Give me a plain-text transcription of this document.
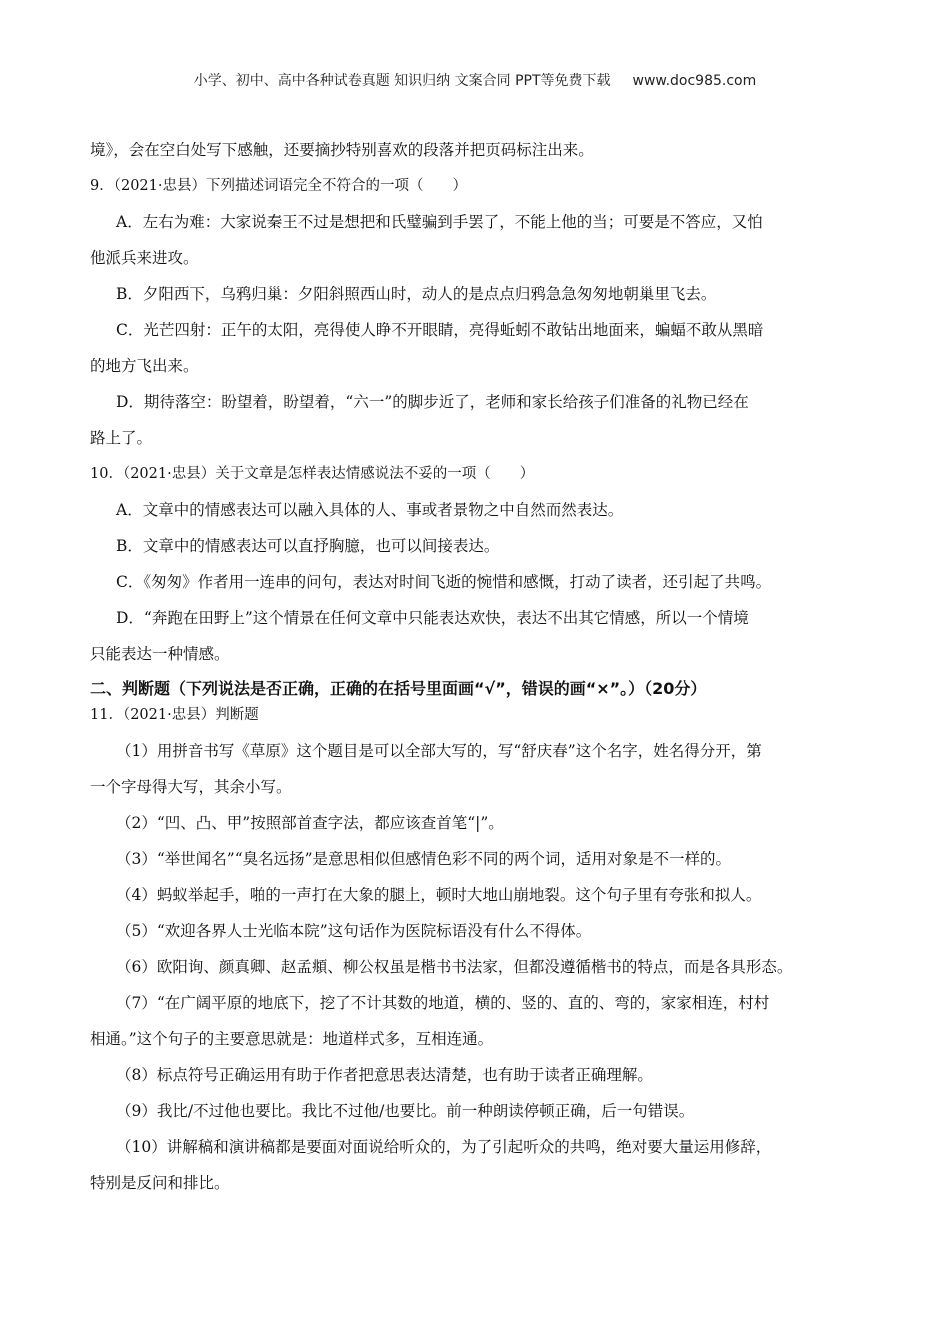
小学、初中、高中各种试卷真题 知识归纳 文案合同 PPT等免费下载 www.doc985.com
境》，会在空白处写下感触，还要摘抄特别喜欢的段落并把页码标注出来。
9．（2021·忠县）下列描述词语完全不符合的一项（　　）
A．左右为难：大家说秦王不过是想把和氏璧骗到手罢了，不能上他的当；可要是不答应，又怕
他派兵来进攻。
B．夕阳西下，乌鸦归巢：夕阳斜照西山时，动人的是点点归鸦急急匆匆地朝巢里飞去。
C．光芒四射：正午的太阳，亮得使人睁不开眼睛，亮得蚯蚓不敢钻出地面来，蝙蝠不敢从黑暗
的地方飞出来。
D．期待落空：盼望着，盼望着，“六一”的脚步近了，老师和家长给孩子们准备的礼物已经在
路上了。
10．（2021·忠县）关于文章是怎样表达情感说法不妥的一项（　　）
A．文章中的情感表达可以融入具体的人、事或者景物之中自然而然表达。
B．文章中的情感表达可以直抒胸臆，也可以间接表达。
C．《匆匆》作者用一连串的问句，表达对时间飞逝的惋惜和感慨，打动了读者，还引起了共鸣。
D．“奔跑在田野上”这个情景在任何文章中只能表达欢快，表达不出其它情感，所以一个情境
只能表达一种情感。
二、判断题（下列说法是否正确，正确的在括号里面画“√”，错误的画“×”。）（20分）
11．（2021·忠县）判断题
（1）用拼音书写《草原》这个题目是可以全部大写的，写“舒庆春”这个名字，姓名得分开，第
一个字母得大写，其余小写。
（2）“凹、凸、甲”按照部首查字法，都应该查首笔“|”。
（3）“举世闻名”“臭名远扬”是意思相似但感情色彩不同的两个词，适用对象是不一样的。
（4）蚂蚁举起手，啪的一声打在大象的腿上，顿时大地山崩地裂。这个句子里有夸张和拟人。
（5）“欢迎各界人士光临本院”这句话作为医院标语没有什么不得体。
（6）欧阳询、颜真卿、赵孟頫、柳公权虽是楷书书法家，但都没遵循楷书的特点，而是各具形态。
（7）“在广阔平原的地底下，挖了不计其数的地道，横的、竖的、直的、弯的，家家相连，村村
相通。”这个句子的主要意思就是：地道样式多，互相连通。
（8）标点符号正确运用有助于作者把意思表达清楚，也有助于读者正确理解。
（9）我比/不过他也要比。我比不过他/也要比。前一种朗读停顿正确，后一句错误。
（10）讲解稿和演讲稿都是要面对面说给听众的，为了引起听众的共鸣，绝对要大量运用修辞，
特别是反问和排比。
